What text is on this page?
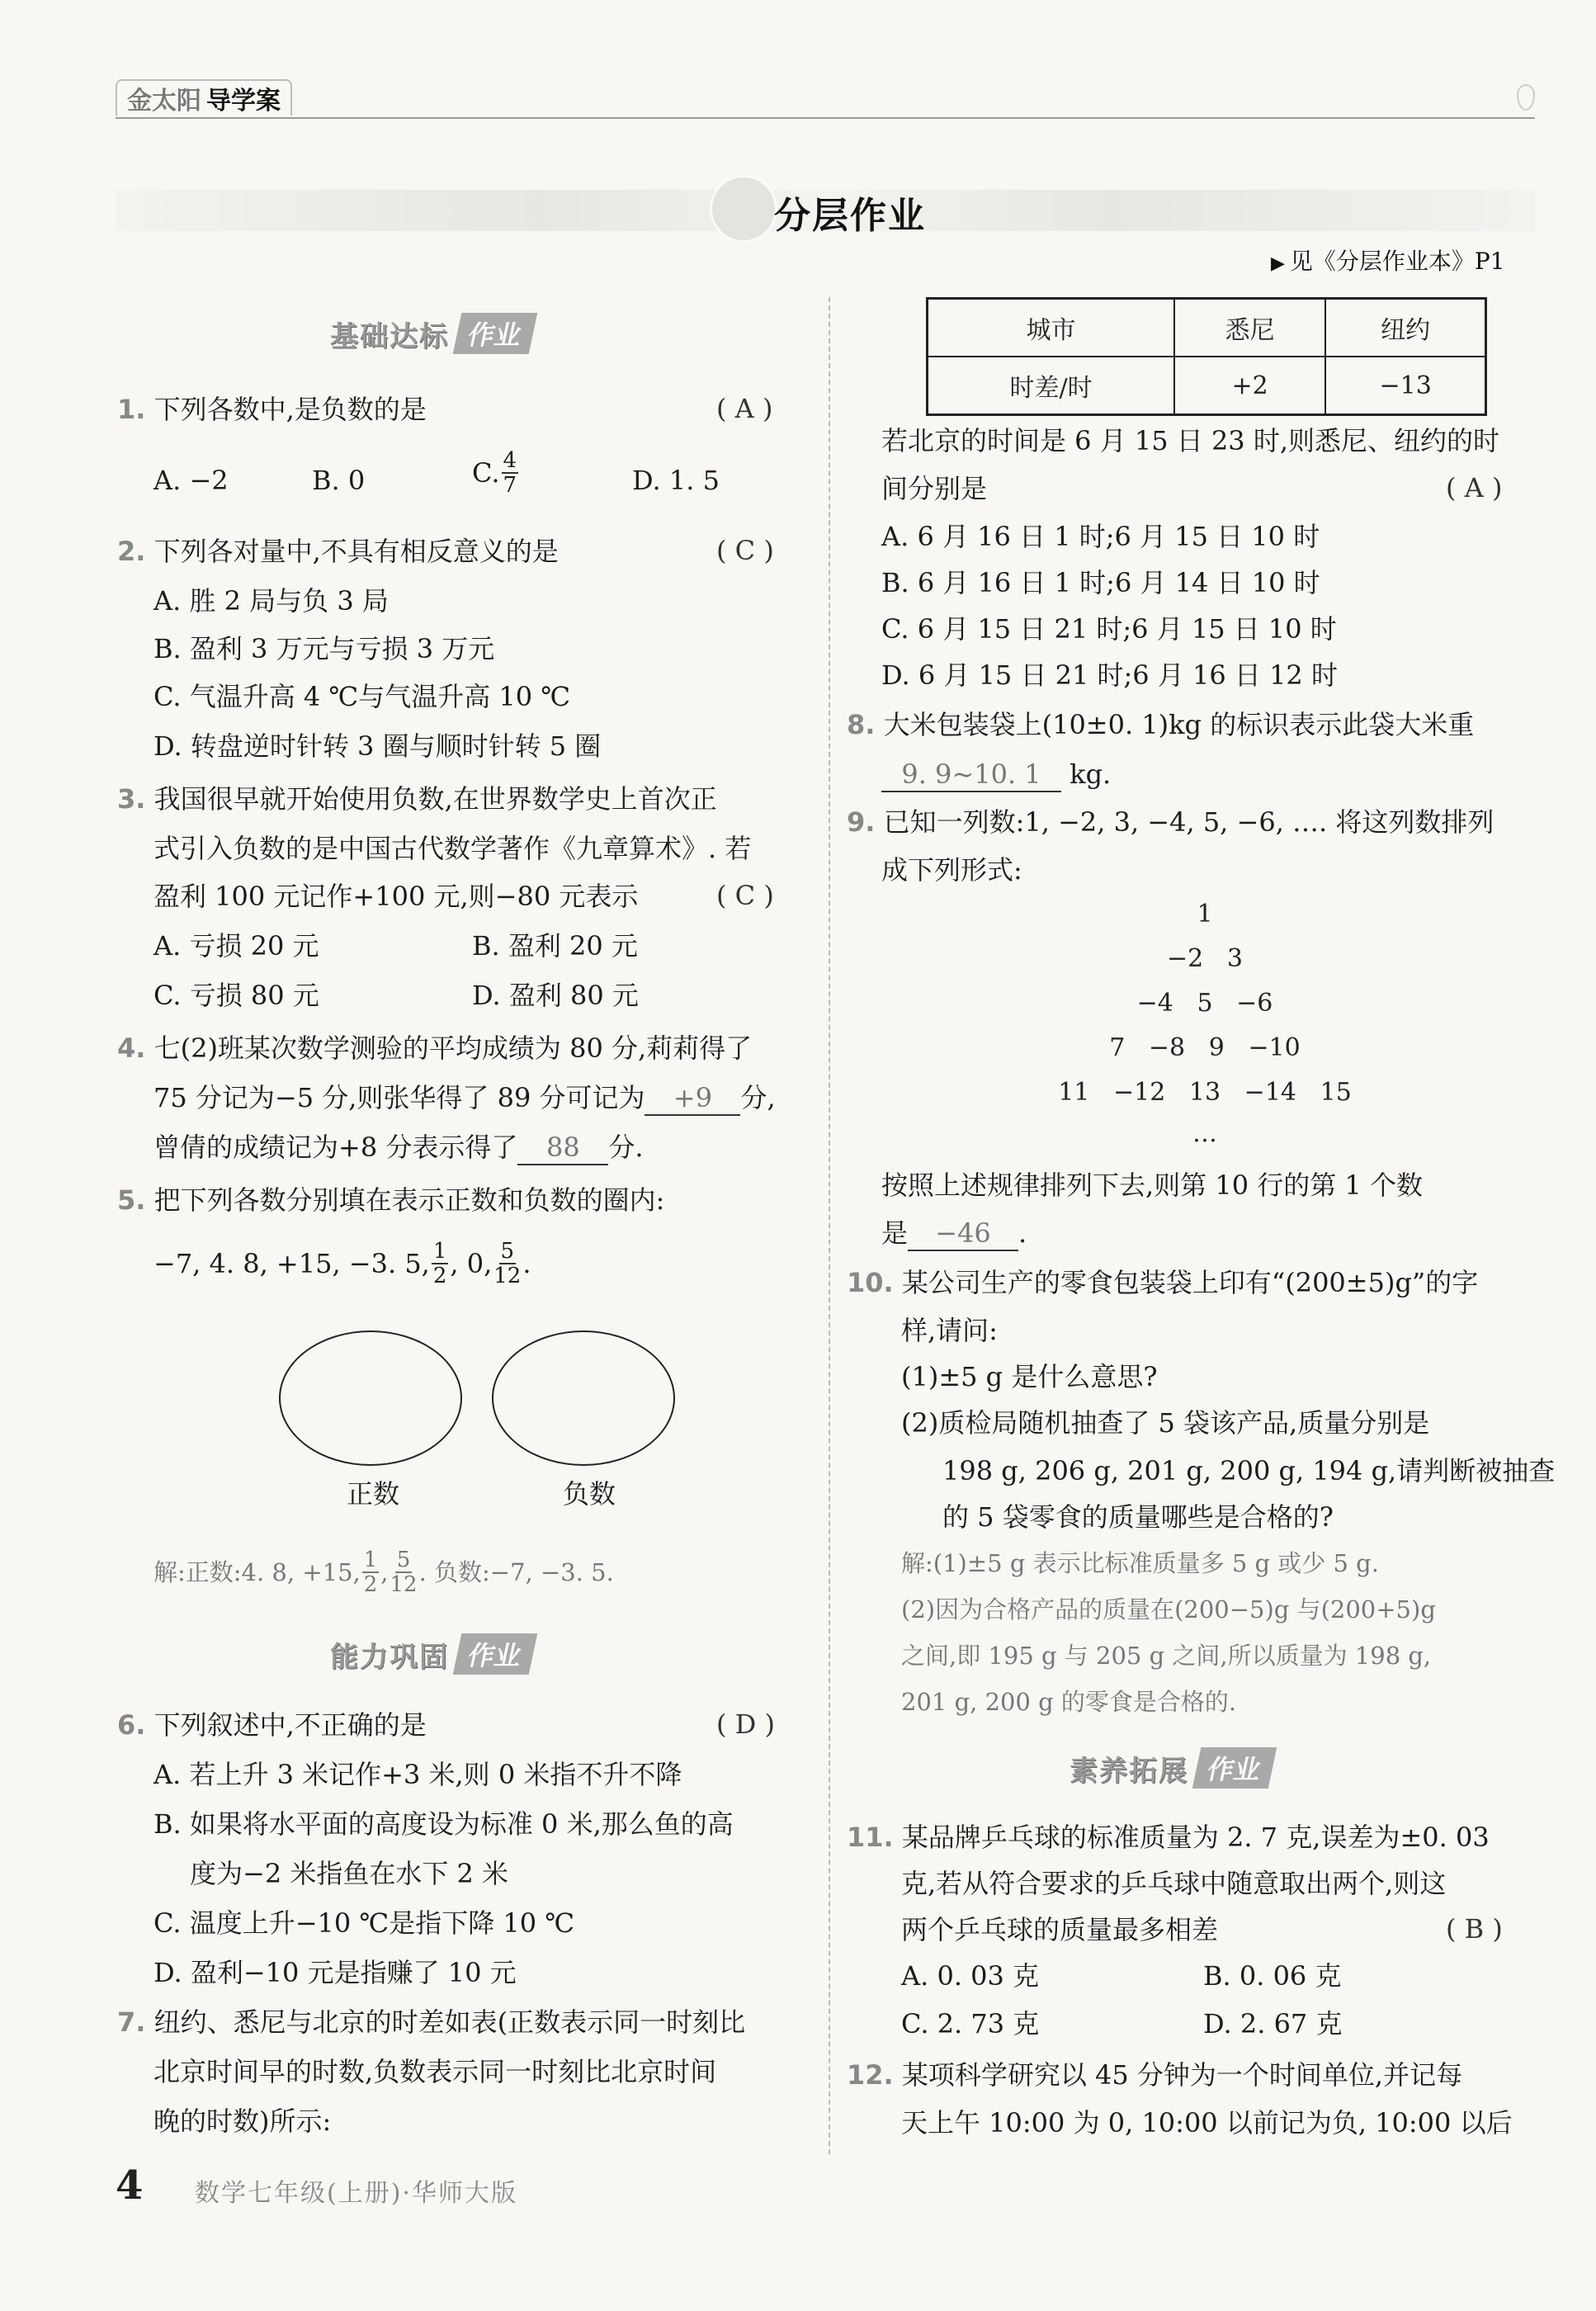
金太阳 导学案
分层作业
▶ 见《分层作业本》P1
基础达标 作业
1. 下列各数中,是负数的是	( A )
A. −2	B. 0	C. $\frac{4}{7}$	D. 1. 5
2. 下列各对量中,不具有相反意义的是	( C )
A. 胜 2 局与负 3 局
B. 盈利 3 万元与亏损 3 万元
C. 气温升高 4 ℃与气温升高 10 ℃
D. 转盘逆时针转 3 圈与顺时针转 5 圈
3. 我国很早就开始使用负数,在世界数学史上首次正
式引入负数的是中国古代数学著作《九章算术》. 若
盈利 100 元记作+100 元,则−80 元表示	( C )
A. 亏损 20 元	B. 盈利 20 元
C. 亏损 80 元	D. 盈利 80 元
4. 七(2)班某次数学测验的平均成绩为 80 分,莉莉得了
75 分记为−5 分,则张华得了 89 分可记为 +9 分,
曾倩的成绩记为+8 分表示得了 88 分.
5. 把下列各数分别填在表示正数和负数的圈内:
−7, 4. 8, +15, −3. 5, $\frac{1}{2}$ , 0, $\frac{5}{12}$ .
正数	负数
解:正数:4. 8, +15, $\frac{1}{2}$ , $\frac{5}{12}$ . 负数:−7, −3. 5.
能力巩固 作业
6. 下列叙述中,不正确的是	( D )
A. 若上升 3 米记作+3 米,则 0 米指不升不降
B. 如果将水平面的高度设为标准 0 米,那么鱼的高
度为−2 米指鱼在水下 2 米
C. 温度上升−10 ℃是指下降 10 ℃
D. 盈利−10 元是指赚了 10 元
7. 纽约、悉尼与北京的时差如表(正数表示同一时刻比
北京时间早的时数,负数表示同一时刻比北京时间
晚的时数)所示:
城市	悉尼	纽约
时差/时	+2	−13
若北京的时间是 6 月 15 日 23 时,则悉尼、纽约的时
间分别是	( A )
A. 6 月 16 日 1 时;6 月 15 日 10 时
B. 6 月 16 日 1 时;6 月 14 日 10 时
C. 6 月 15 日 21 时;6 月 15 日 10 时
D. 6 月 15 日 21 时;6 月 16 日 12 时
8. 大米包装袋上(10±0. 1)kg 的标识表示此袋大米重
9. 9~10. 1 kg.
9. 已知一列数:1, −2, 3, −4, 5, −6, …. 将这列数排列
成下列形式:
1
−2   3
−4   5   −6
7   −8   9   −10
11   −12   13   −14   15
…
按照上述规律排列下去,则第 10 行的第 1 个数
是 −46 .
10. 某公司生产的零食包装袋上印有“(200±5)g”的字
样,请问:
(1)±5 g 是什么意思?
(2)质检局随机抽查了 5 袋该产品,质量分别是
198 g, 206 g, 201 g, 200 g, 194 g,请判断被抽查
的 5 袋零食的质量哪些是合格的?
解:(1)±5 g 表示比标准质量多 5 g 或少 5 g.
(2)因为合格产品的质量在(200−5)g 与(200+5)g
之间,即 195 g 与 205 g 之间,所以质量为 198 g,
201 g, 200 g 的零食是合格的.
素养拓展 作业
11. 某品牌乒乓球的标准质量为 2. 7 克,误差为±0. 03
克,若从符合要求的乒乓球中随意取出两个,则这
两个乒乓球的质量最多相差	( B )
A. 0. 03 克	B. 0. 06 克
C. 2. 73 克	D. 2. 67 克
12. 某项科学研究以 45 分钟为一个时间单位,并记每
天上午 10:00 为 0, 10:00 以前记为负, 10:00 以后
4 数学七年级(上册)·华师大版
